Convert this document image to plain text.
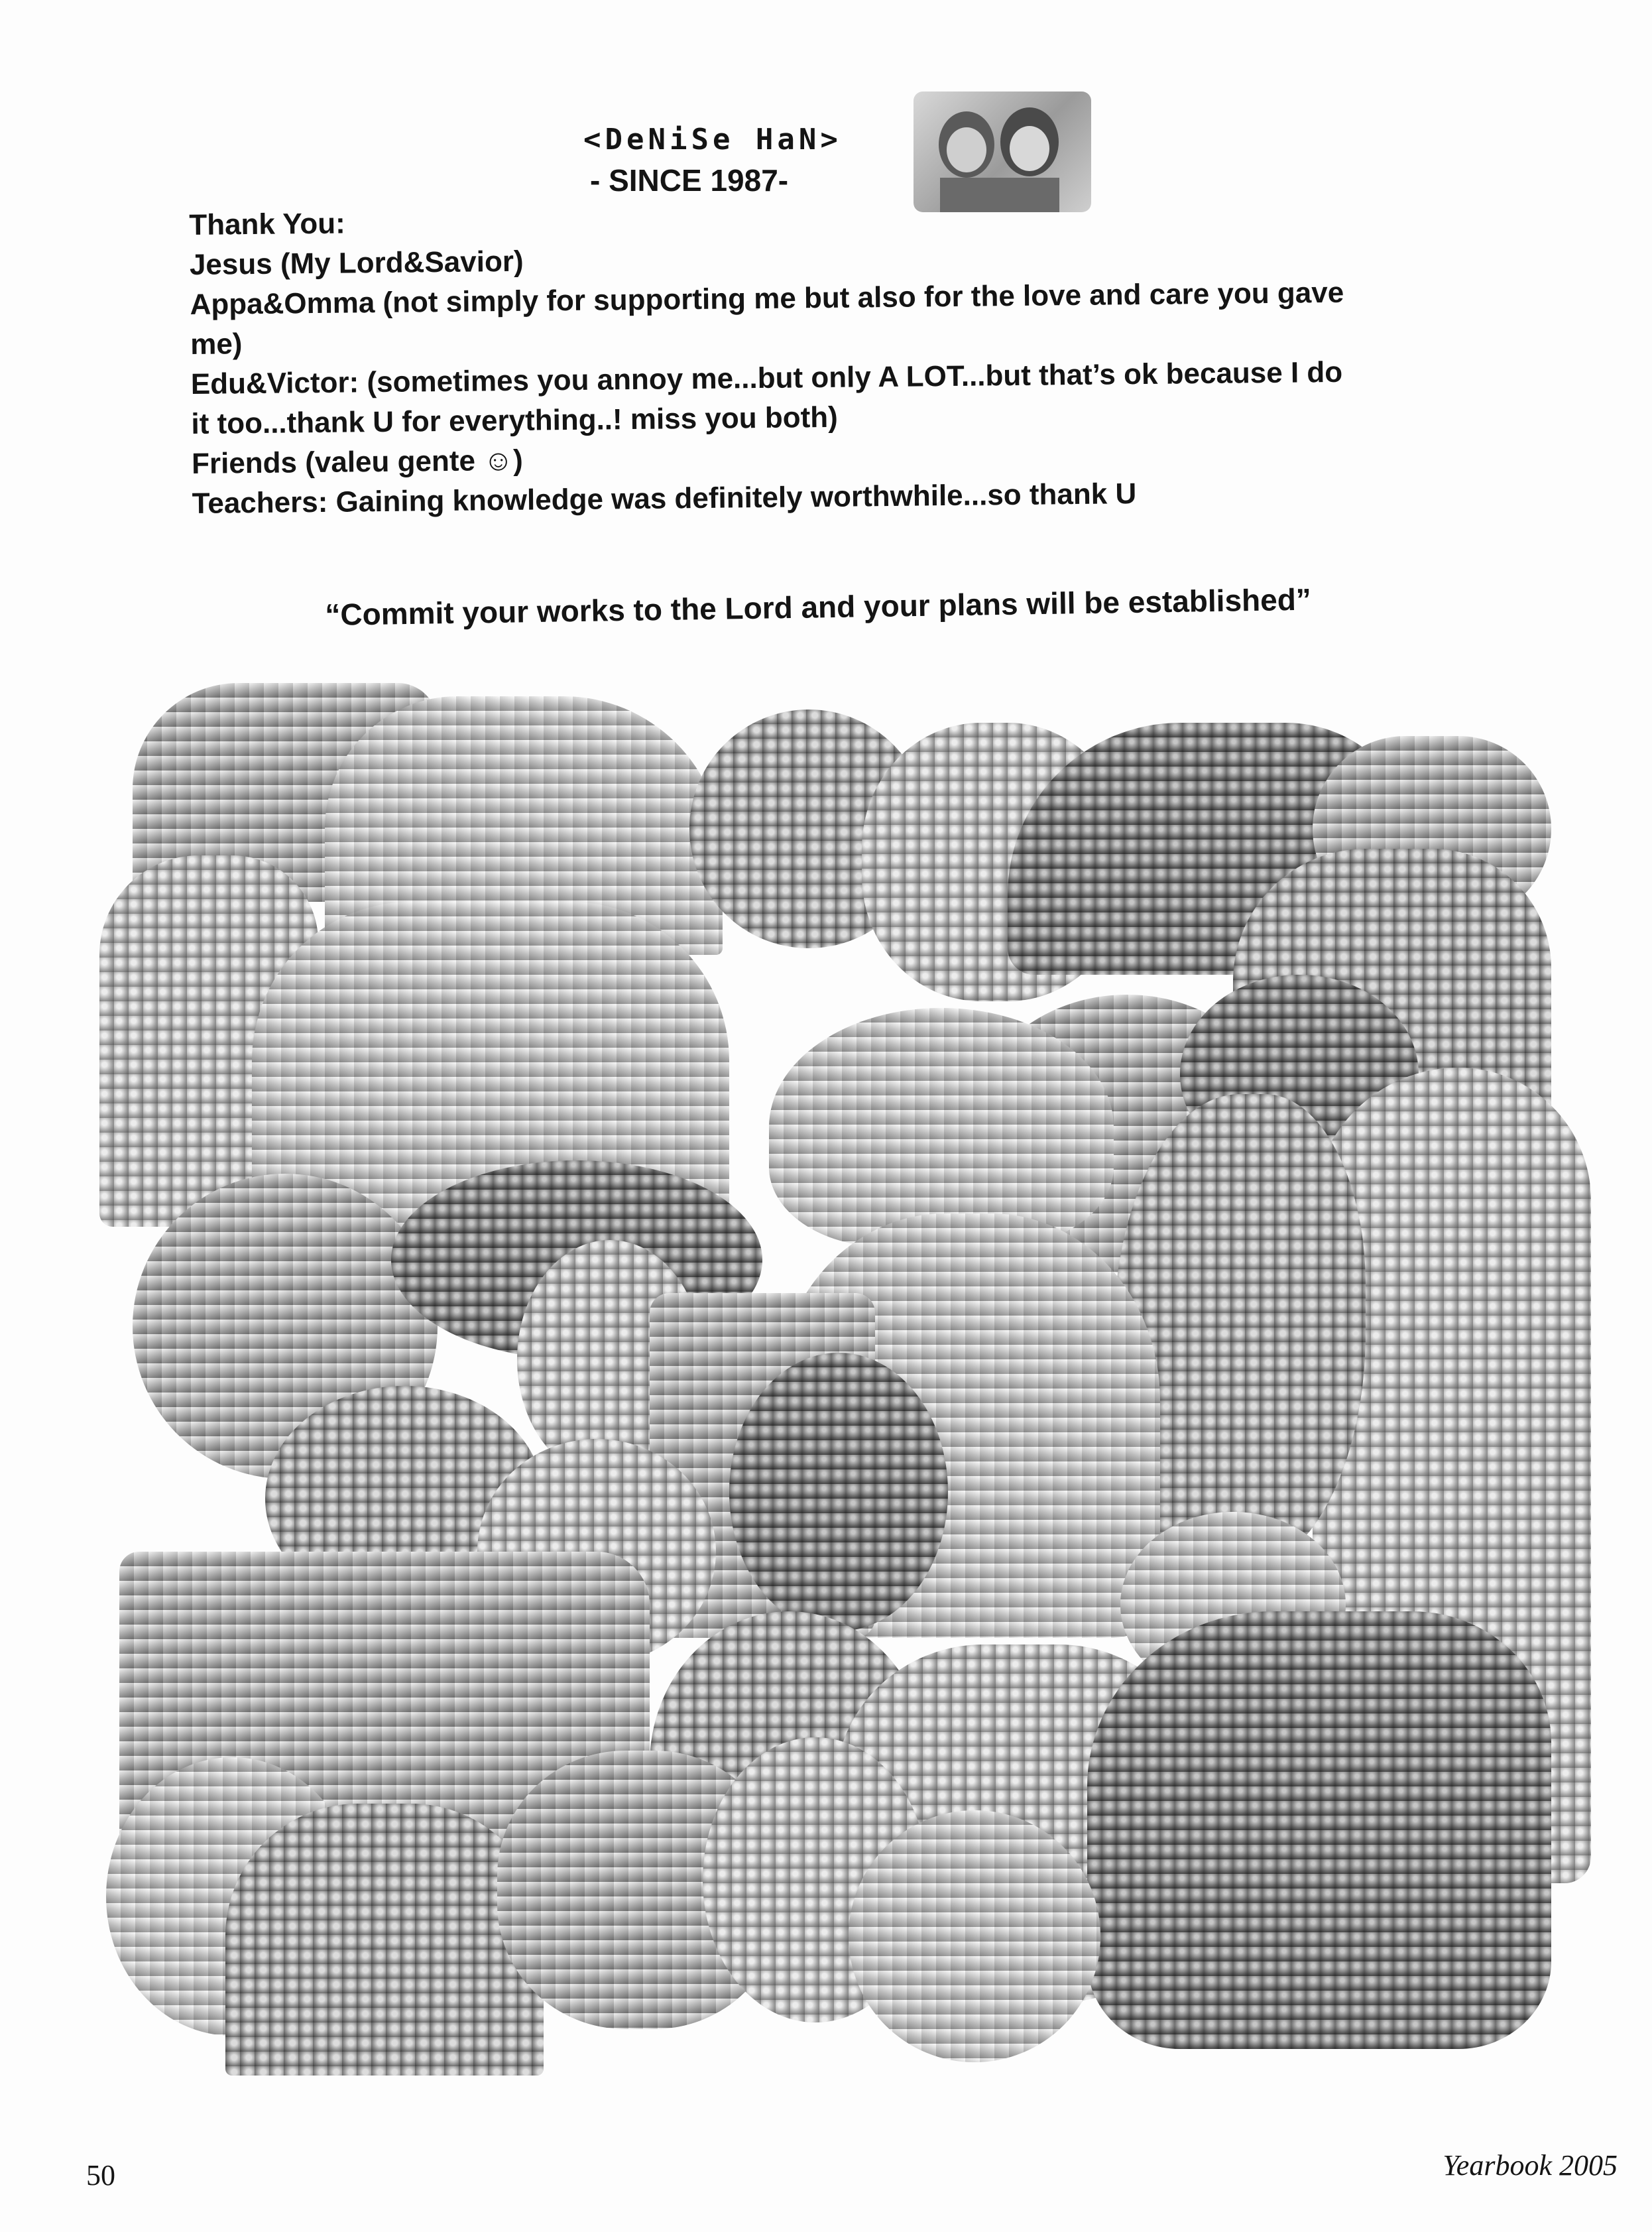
<DeNiSe HaN>
- SINCE 1987-
Thank You:
Jesus (My Lord&Savior)
Appa&Omma (not simply for supporting me but also for the love and care you gave
me)
Edu&Victor: (sometimes you annoy me...but only A LOT...but that’s ok because I do
it too...thank U for everything..! miss you both)
Friends (valeu gente ☺)
Teachers: Gaining knowledge was definitely worthwhile...so thank U
“Commit your works to the Lord and your plans will be established”
50	Yearbook 2005
